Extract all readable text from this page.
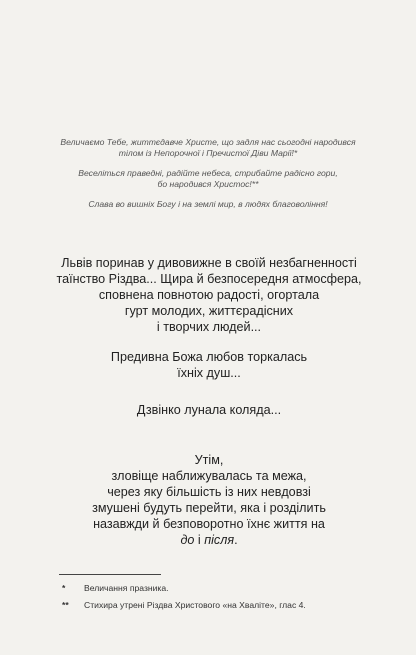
Величаємо Тебе, життєдавче Христе, що задля нас сьогодні народився
тілом із Непорочної і Пречистої Діви Марії!*

Веселіться праведні, радійте небеса, стрибайте радісно гори,
бо народився Христос!**

Слава во вишніх Богу і на землі мир, в людях благовоління!

Львів поринав у дивовижне в своїй незбагненності
таїнство Різдва... Щира й безпосередня атмосфера,
сповнена повнотою радості, огортала
гурт молодих, життєрадісних
і творчих людей...

Предивна Божа любов торкалась
їхніх душ...

Дзвінко лунала коляда...

Утім,
зловіще наближувалась та межа,
через яку більшість із них невдовзі
змушені будуть перейти, яка і розділить
назавжди й безповоротно їхнє життя на
до і після.

*	Величання празника.
**	Стихира утрені Різдва Христового «на Хваліте», глас 4.
